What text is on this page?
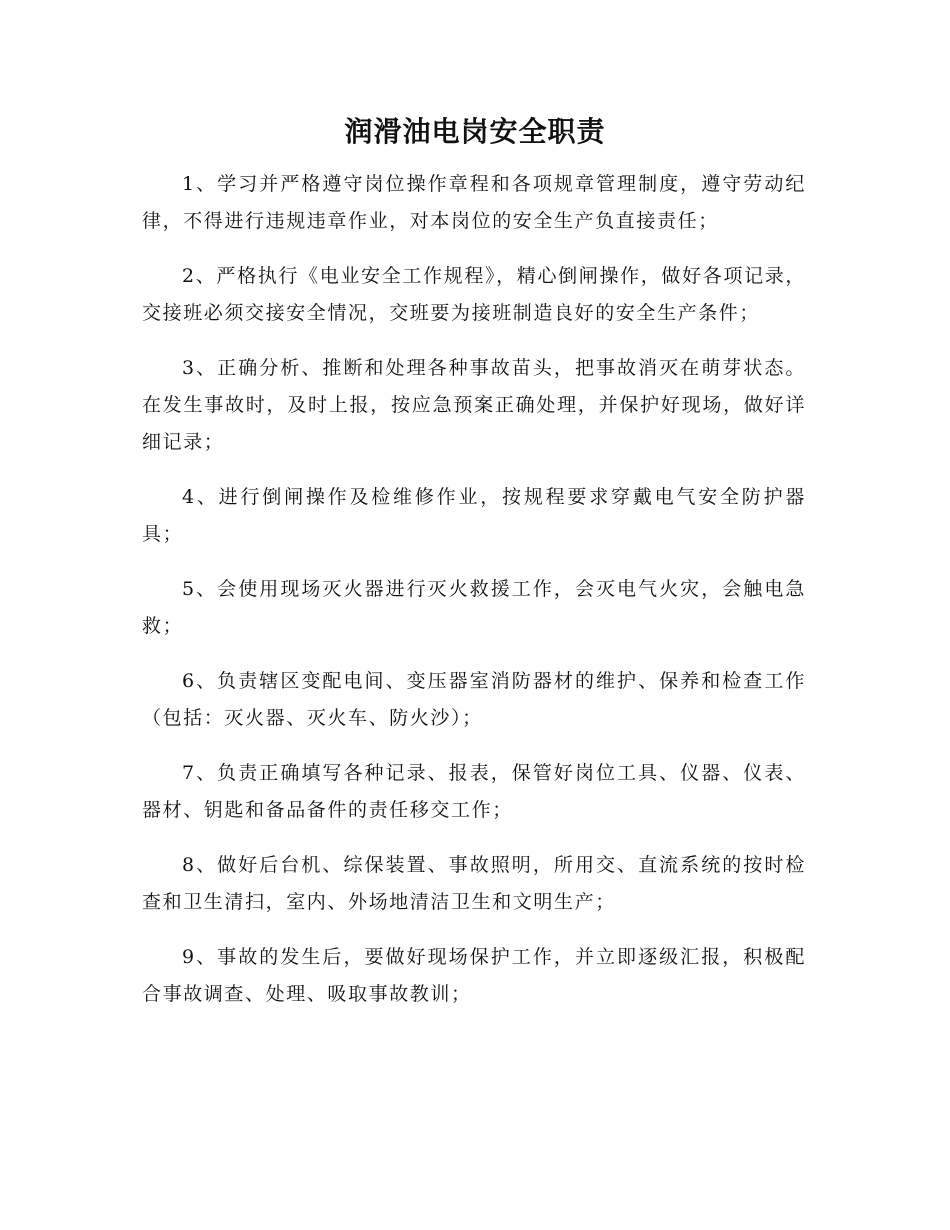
润滑油电岗安全职责

1、学习并严格遵守岗位操作章程和各项规章管理制度，遵守劳动纪律，不得进行违规违章作业，对本岗位的安全生产负直接责任；

2、严格执行《电业安全工作规程》，精心倒闸操作，做好各项记录，交接班必须交接安全情况，交班要为接班制造良好的安全生产条件；

3、正确分析、推断和处理各种事故苗头，把事故消灭在萌芽状态。在发生事故时，及时上报，按应急预案正确处理，并保护好现场，做好详细记录；

4、进行倒闸操作及检维修作业，按规程要求穿戴电气安全防护器具；

5、会使用现场灭火器进行灭火救援工作，会灭电气火灾，会触电急救；

6、负责辖区变配电间、变压器室消防器材的维护、保养和检查工作（包括：灭火器、灭火车、防火沙）；

7、负责正确填写各种记录、报表，保管好岗位工具、仪器、仪表、器材、钥匙和备品备件的责任移交工作；

8、做好后台机、综保装置、事故照明，所用交、直流系统的按时检查和卫生清扫，室内、外场地清洁卫生和文明生产；

9、事故的发生后，要做好现场保护工作，并立即逐级汇报，积极配合事故调查、处理、吸取事故教训；
